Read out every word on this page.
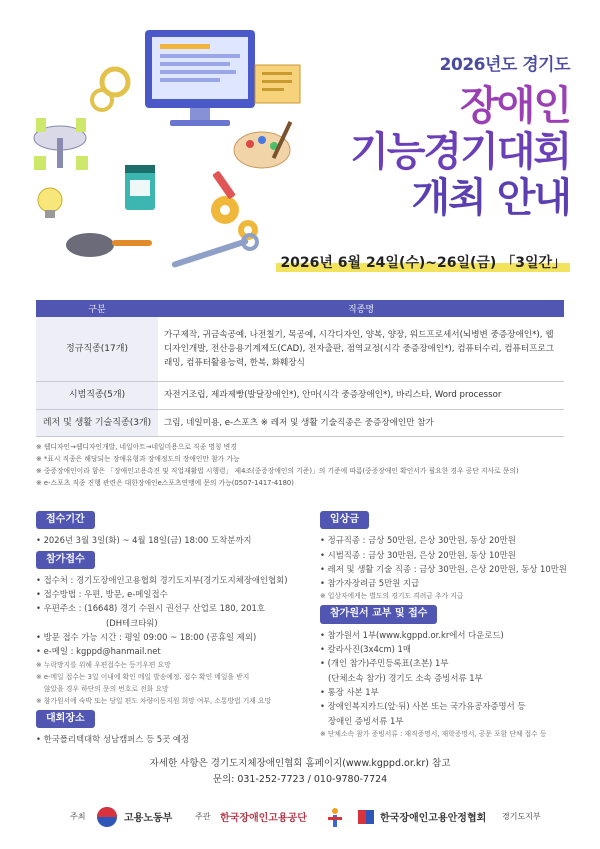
2026년도 경기도
장애인
기능경기대회
개최 안내
2026년 6월 24일(수)~26일(금) 「3일간」
구분	직종명
정규직종(17개)	가구제작, 귀금속공예, 나전칠기, 목공예, 시각디자인, 양복, 양장, 워드프로세서(뇌병변 중증장애인*), 웹디자인개발, 전산응용기계제도(CAD), 전자출판, 점역교정(시각 중증장애인*), 컴퓨터수리, 컴퓨터프로그래밍, 컴퓨터활용능력, 한복, 화훼장식
시범직종(5개)	자전거조립, 제과제빵(발달장애인*), 안마(시각 중증장애인*), 바리스타, Word processor
레저 및 생활 기술직종(3개)	그림, 네일미용, e-스포츠 ※ 레저 및 생활 기술직종은 중증장애인만 참가
※ 웹디자인→웹디자인개발, 네일아트→네일미용으로 직종 명칭 변경
※ *표시 직종은 해당되는 장애유형과 장애정도의 장애인만 참가 가능
※ 중증장애인이라 함은 「장애인고용촉진 및 직업재활법 시행령」 제4조(중증장애인의 기준)」의 기준에 따름(중증장애인 확인서가 필요한 경우 공단 지사로 문의)
※ e-스포츠 직종 진행 관련은 대한장애인e스포츠연맹에 문의 가능(0507-1417-4180)
접수기간
• 2026년 3월 3일(화) ~ 4월 18일(금) 18:00 도착분까지
참가접수
• 접수처 : 경기도장애인고용협회 경기도지부(경기도지체장애인협회)
• 접수방법 : 우편, 방문, e-메일접수
• 우편주소 : (16648) 경기 수원시 권선구 산업로 180, 201호
(DH테크타워)
• 방문 접수 가능 시간 : 평일 09:00 ~ 18:00 (공휴일 제외)
• e-메일 : kgppd@hanmail.net
※ 누락방지를 위해 우편접수는 등기우편 요망
※ e-메일 접수는 3일 이내에 확인 메일 발송예정. 접수 확인 메일을 받지
않았을 경우 하단의 문의 번호로 전화 요망
※ 참가원서에 숙박 또는 당일 편도 차량이동지원 희망 여부, 소통방법 기재 요망
대회장소
• 한국폴리텍대학 성남캠퍼스 등 5곳 예정
입상금
• 정규직종 : 금상 50만원, 은상 30만원, 동상 20만원
• 시범직종 : 금상 30만원, 은상 20만원, 동상 10만원
• 레저 및 생활 기술 직종 : 금상 30만원, 은상 20만원, 동상 10만원
• 참가자장려금 5만원 지급
※ 입상자에게는 별도의 경기도 격려금 추가 지급
참가원서 교부 및 접수
• 참가원서 1부(www.kgppd.or.kr에서 다운로드)
• 칼라사진(3x4cm) 1매
• (개인 참가)주민등록표(초본) 1부
(단체소속 참가) 경기도 소속 증빙서류 1부
• 통장 사본 1부
• 장애인복지카드(앞·뒤) 사본 또는 국가유공자증명서 등
장애인 증빙서류 1부
※ 단체소속 참가 증빙서류 : 재직증명서, 재학증명서, 공문 포함 단체 접수 등
자세한 사항은 경기도지체장애인협회 홈페이지(www.kgppd.or.kr) 참고
문의: 031-252-7723 / 010-9780-7724
주최	고용노동부	주관 한국장애인고용공단	한국장애인고용안정협회 경기도지부
